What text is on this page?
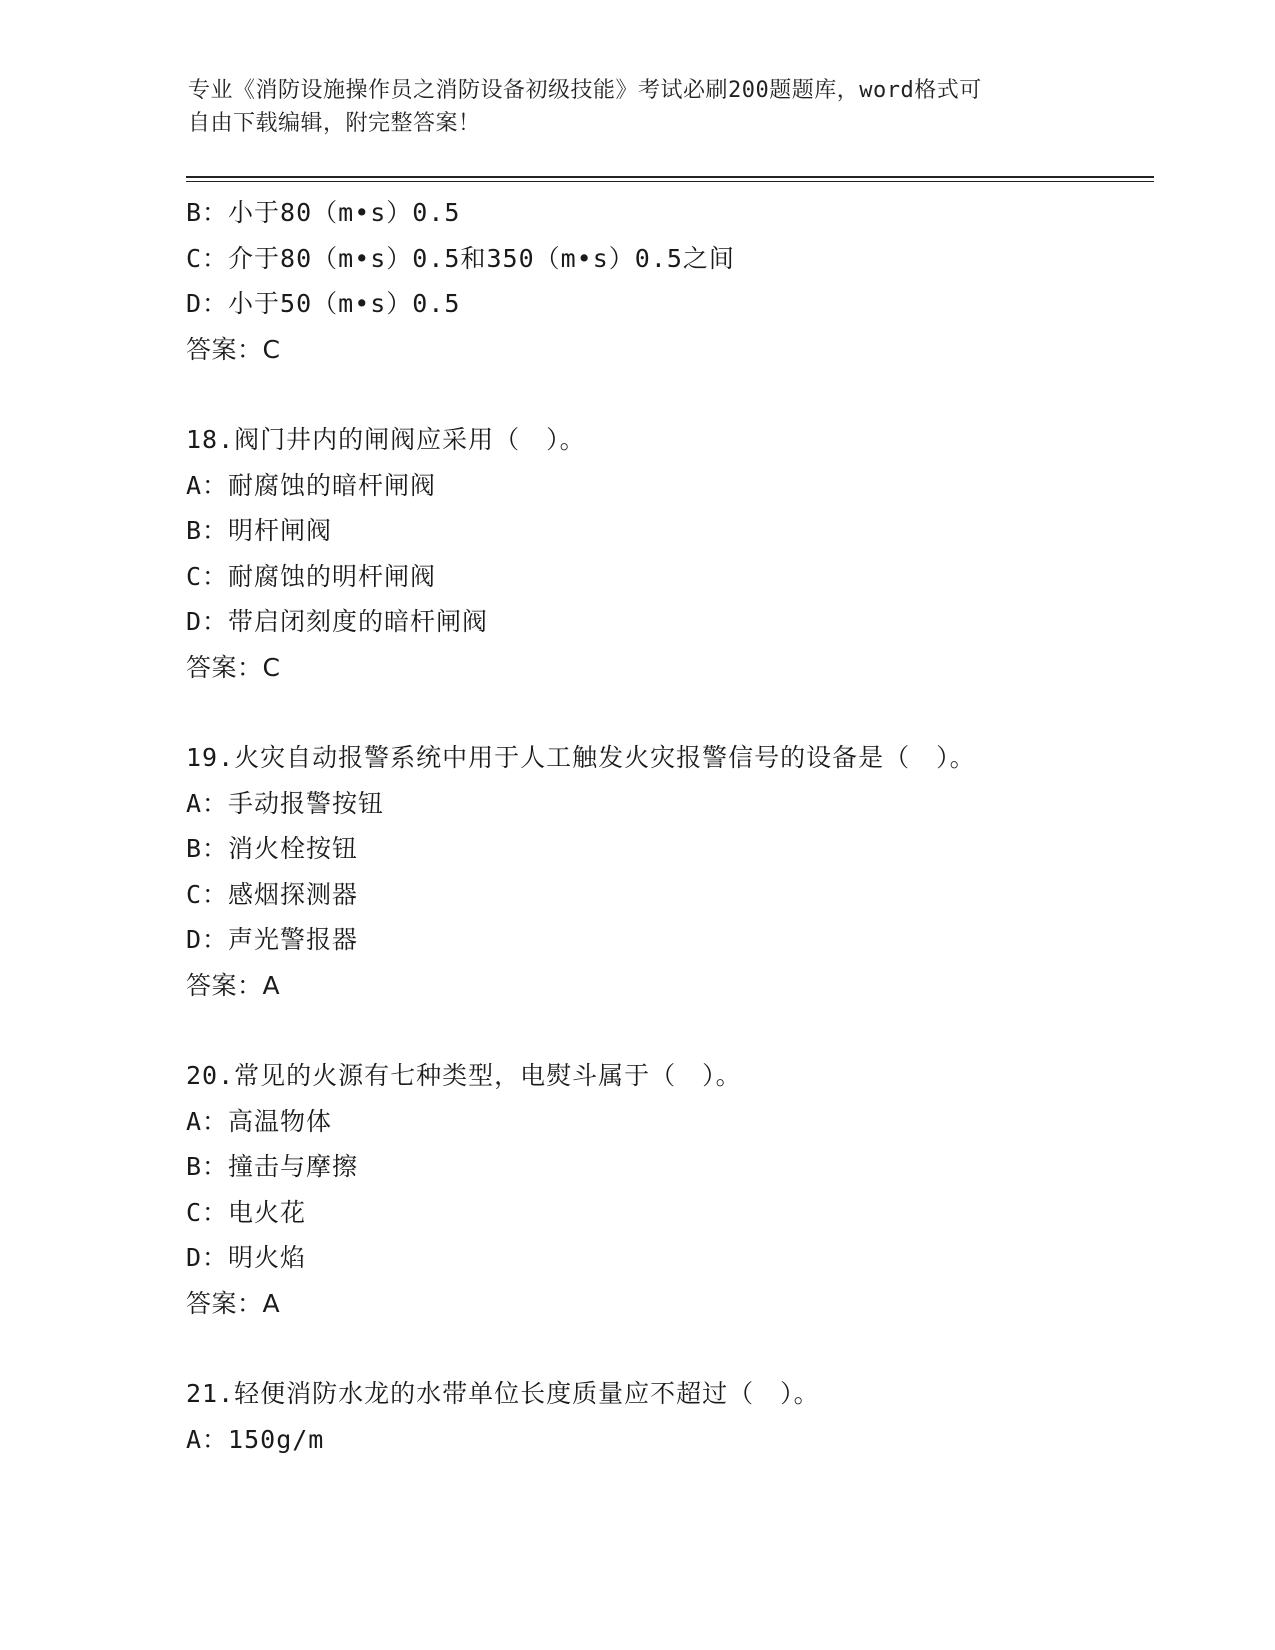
专业《消防设施操作员之消防设备初级技能》考试必刷200题题库，word格式可
自由下载编辑，附完整答案！
B：小于80（m•s）0.5
C：介于80（m•s）0.5和350（m•s）0.5之间
D：小于50（m•s）0.5
答案：C
18.阀门井内的闸阀应采用（　）。
A：耐腐蚀的暗杆闸阀
B：明杆闸阀
C：耐腐蚀的明杆闸阀
D：带启闭刻度的暗杆闸阀
答案：C
19.火灾自动报警系统中用于人工触发火灾报警信号的设备是（　）。
A：手动报警按钮
B：消火栓按钮
C：感烟探测器
D：声光警报器
答案：A
20.常见的火源有七种类型，电熨斗属于（　）。
A：高温物体
B：撞击与摩擦
C：电火花
D：明火焰
答案：A
21.轻便消防水龙的水带单位长度质量应不超过（　）。
A：150g/m
